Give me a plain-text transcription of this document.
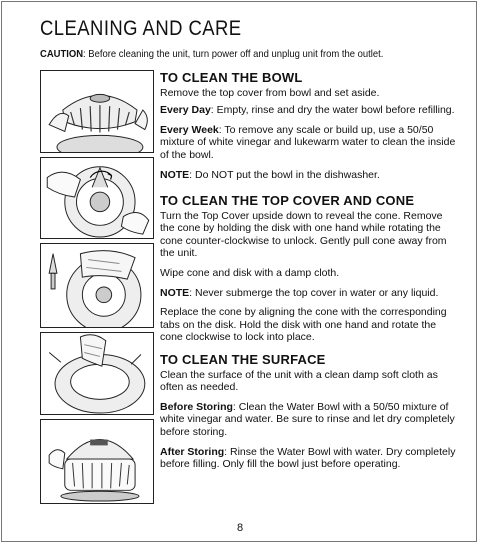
CLEANING AND CARE
CAUTION: Before cleaning the unit, turn power off and unplug unit from the outlet.
TO CLEAN THE BOWL

Remove the top cover from bowl and set aside.

Every Day: Empty, rinse and dry the water bowl before refilling.

Every Week: To remove any scale or build up, use a 50/50 mixture of white vinegar and lukewarm water to clean the inside of the bowl.

NOTE: Do NOT put the bowl in the dishwasher.

TO CLEAN THE TOP COVER AND CONE

Turn the Top Cover upside down to reveal the cone. Remove the cone by holding the disk with one hand while rotating the cone counter-clockwise to unlock. Gently pull cone away from the unit.

Wipe cone and disk with a damp cloth.

NOTE: Never submerge the top cover in water or any liquid.

Replace the cone by aligning the cone with the corresponding tabs on the disk. Hold the disk with one hand and rotate the cone clockwise to lock into place.

TO CLEAN THE SURFACE

Clean the surface of the unit with a clean damp soft cloth as often as needed.

Before Storing: Clean the Water Bowl with a 50/50 mixture of white vinegar and water. Be sure to rinse and let dry completely before storing.

After Storing: Rinse the Water Bowl with water. Dry completely before filling. Only fill the bowl just before operating.

8
